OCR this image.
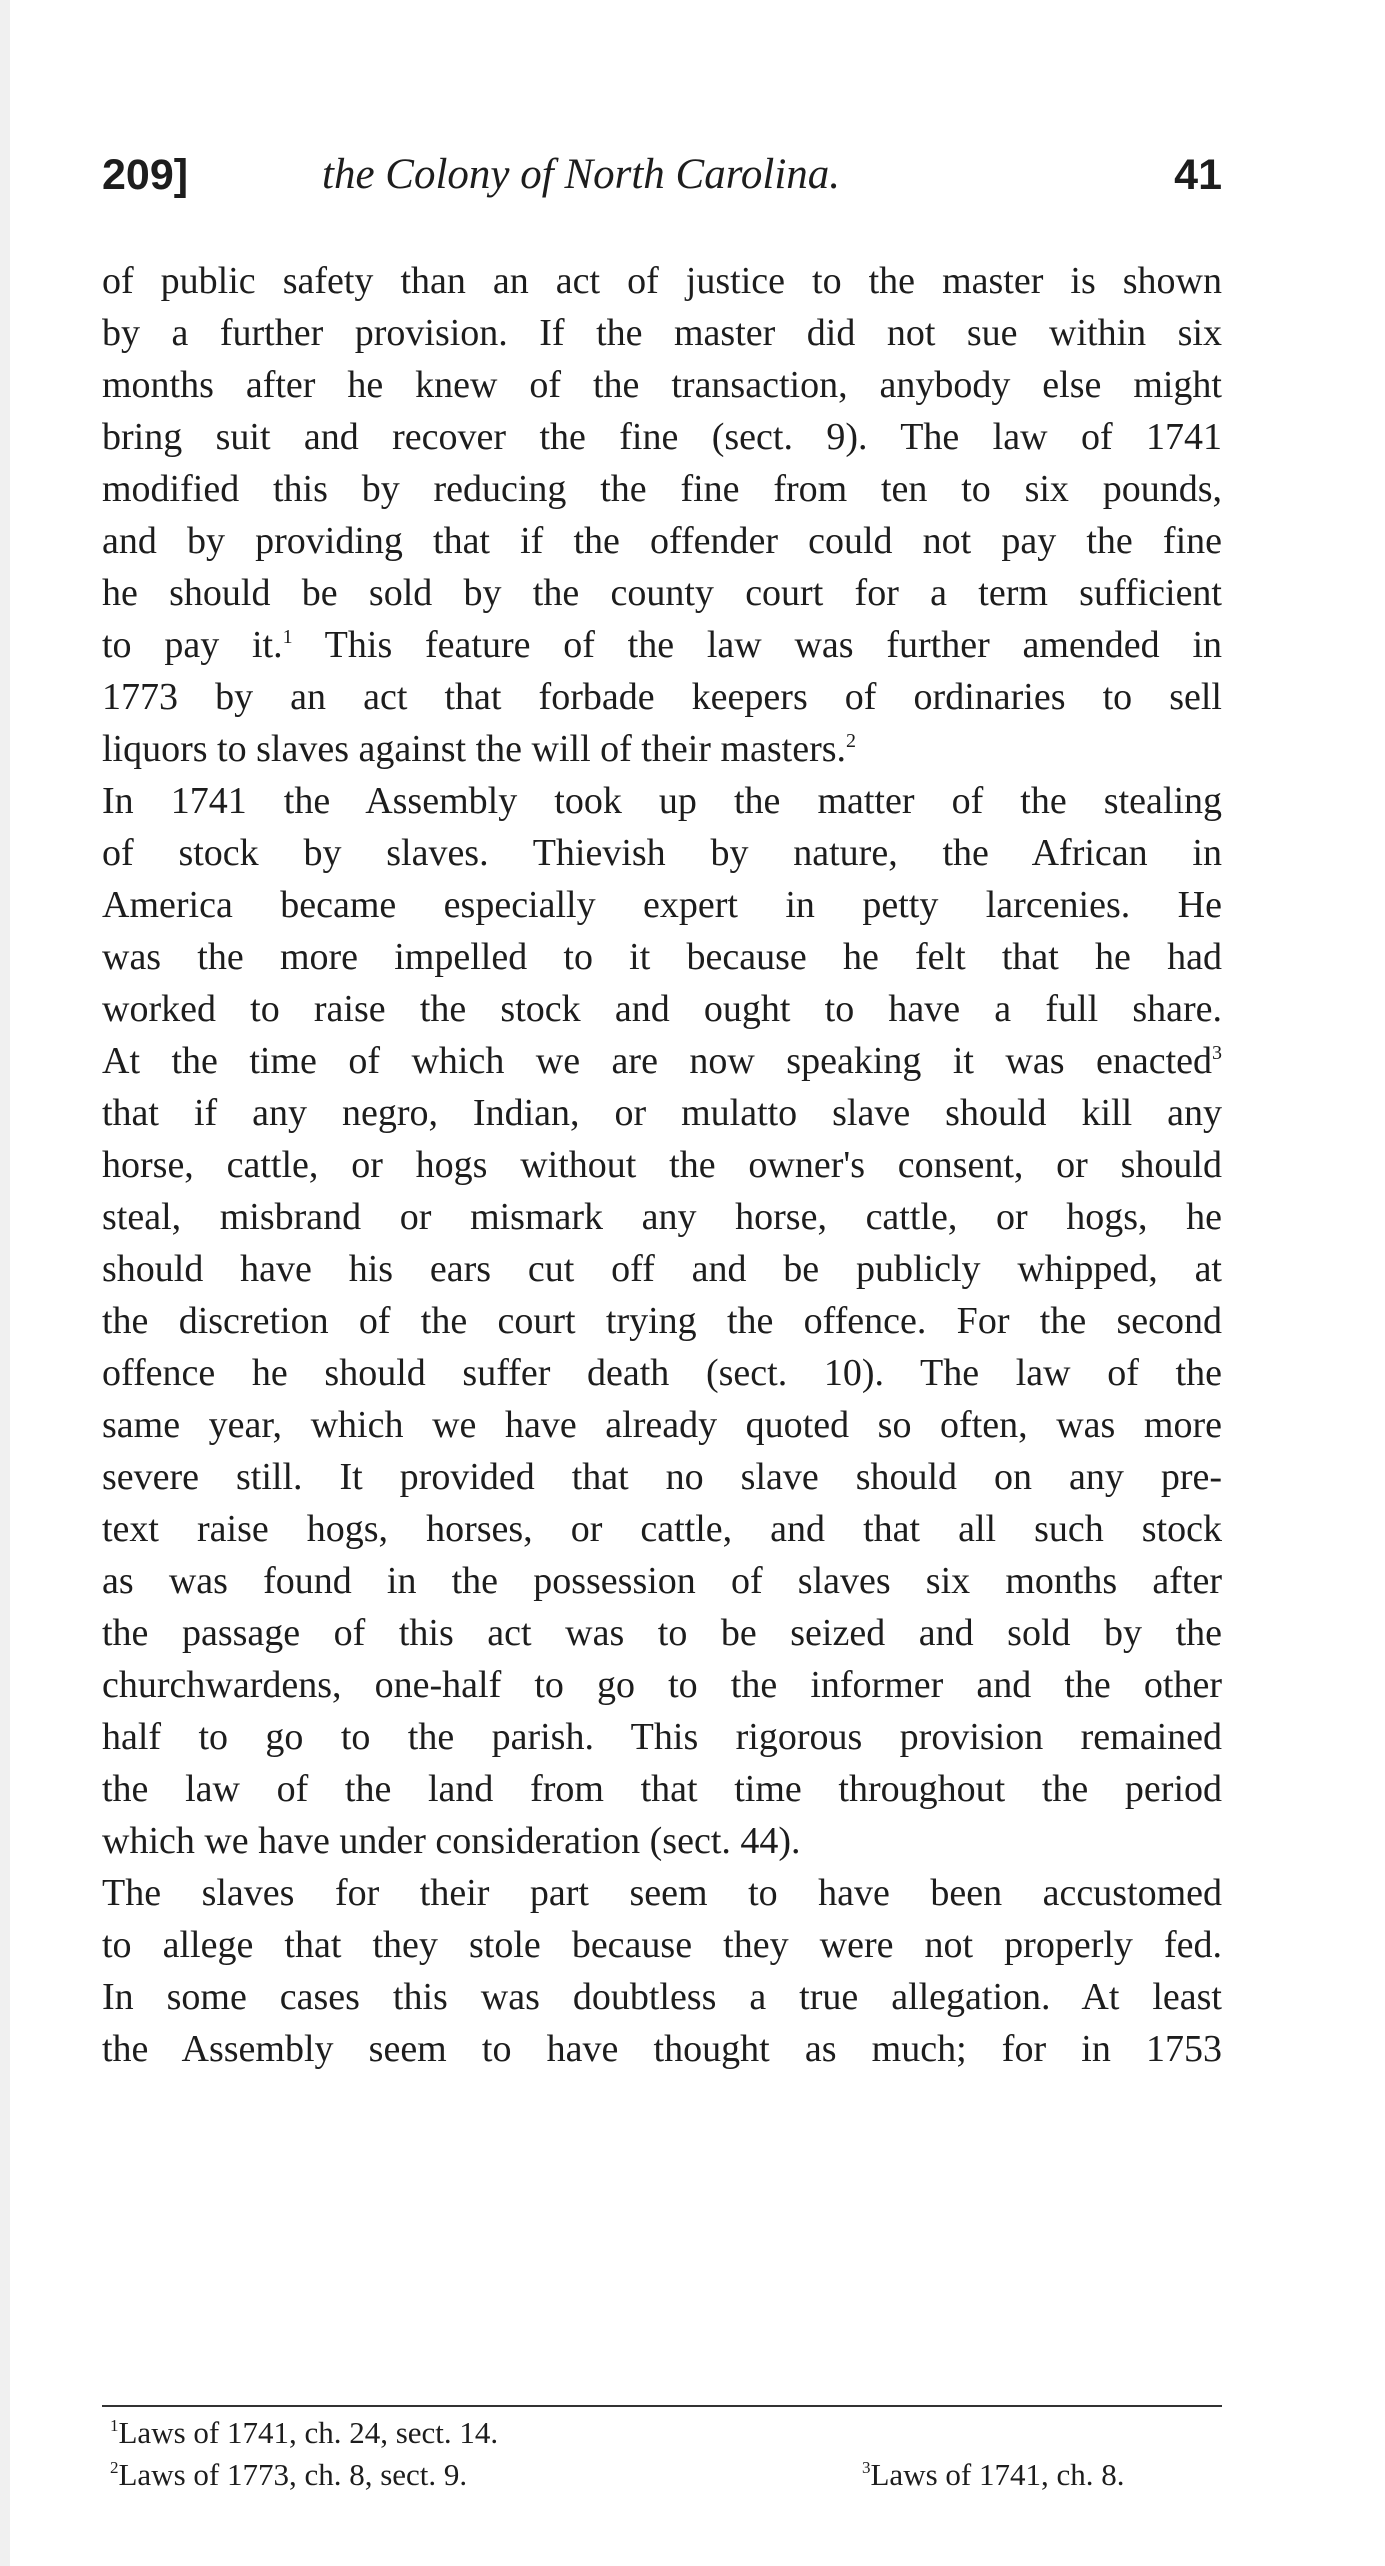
209]	the Colony of North Carolina.	41
of public safety than an act of justice to the master is shown
by a further provision. If the master did not sue within six
months after he knew of the transaction, anybody else might
bring suit and recover the fine (sect. 9). The law of 1741
modified this by reducing the fine from ten to six pounds,
and by providing that if the offender could not pay the fine
he should be sold by the county court for a term sufficient
to pay it.$^1$ This feature of the law was further amended in
1773 by an act that forbade keepers of ordinaries to sell
liquors to slaves against the will of their masters.$^2$
In 1741 the Assembly took up the matter of the stealing
of stock by slaves. Thievish by nature, the African in
America became especially expert in petty larcenies. He
was the more impelled to it because he felt that he had
worked to raise the stock and ought to have a full share.
At the time of which we are now speaking it was enacted$^3$
that if any negro, Indian, or mulatto slave should kill any
horse, cattle, or hogs without the owner's consent, or should
steal, misbrand or mismark any horse, cattle, or hogs, he
should have his ears cut off and be publicly whipped, at
the discretion of the court trying the offence. For the second
offence he should suffer death (sect. 10). The law of the
same year, which we have already quoted so often, was more
severe still. It provided that no slave should on any pre-
text raise hogs, horses, or cattle, and that all such stock
as was found in the possession of slaves six months after
the passage of this act was to be seized and sold by the
churchwardens, one-half to go to the informer and the other
half to go to the parish. This rigorous provision remained
the law of the land from that time throughout the period
which we have under consideration (sect. 44).
The slaves for their part seem to have been accustomed
to allege that they stole because they were not properly fed.
In some cases this was doubtless a true allegation. At least
the Assembly seem to have thought as much; for in 1753
$^1$Laws of 1741, ch. 24, sect. 14.
$^2$Laws of 1773, ch. 8, sect. 9.	$^3$Laws of 1741, ch. 8.
